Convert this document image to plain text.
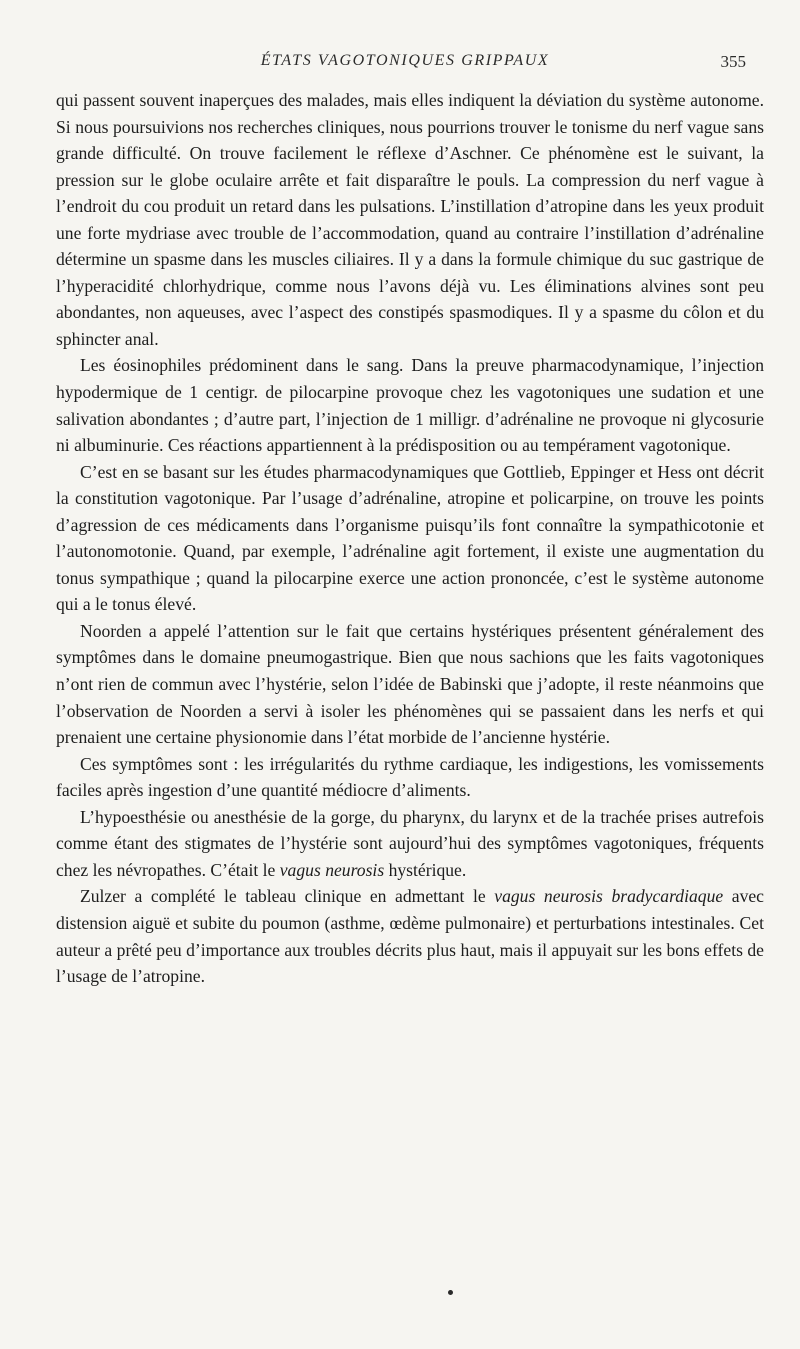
ÉTATS VAGOTONIQUES GRIPPAUX	355

qui passent souvent inaperçues des malades, mais elles indiquent la déviation du système autonome. Si nous poursuivions nos recherches cliniques, nous pourrions trouver le tonisme du nerf vague sans grande difficulté. On trouve facilement le réflexe d’Aschner. Ce phénomène est le suivant, la pression sur le globe oculaire arrête et fait disparaître le pouls. La compression du nerf vague à l’endroit du cou produit un retard dans les pulsations. L’instillation d’atropine dans les yeux produit une forte mydriase avec trouble de l’accommodation, quand au contraire l’instillation d’adrénaline détermine un spasme dans les muscles ciliaires. Il y a dans la formule chimique du suc gastrique de l’hyperacidité chlorhydrique, comme nous l’avons déjà vu. Les éliminations alvines sont peu abondantes, non aqueuses, avec l’aspect des constipés spasmodiques. Il y a spasme du côlon et du sphincter anal.

Les éosinophiles prédominent dans le sang. Dans la preuve pharmacodynamique, l’injection hypodermique de 1 centigr. de pilocarpine provoque chez les vagotoniques une sudation et une salivation abondantes ; d’autre part, l’injection de 1 milligr. d’adrénaline ne provoque ni glycosurie ni albuminurie. Ces réactions appartiennent à la prédisposition ou au tempérament vagotonique.

C’est en se basant sur les études pharmacodynamiques que Gottlieb, Eppinger et Hess ont décrit la constitution vagotonique. Par l’usage d’adrénaline, atropine et policarpine, on trouve les points d’agression de ces médicaments dans l’organisme puisqu’ils font connaître la sympathicotonie et l’autonomotonie. Quand, par exemple, l’adrénaline agit fortement, il existe une augmentation du tonus sympathique ; quand la pilocarpine exerce une action prononcée, c’est le système autonome qui a le tonus élevé.

Noorden a appelé l’attention sur le fait que certains hystériques présentent généralement des symptômes dans le domaine pneumogastrique. Bien que nous sachions que les faits vagotoniques n’ont rien de commun avec l’hystérie, selon l’idée de Babinski que j’adopte, il reste néanmoins que l’observation de Noorden a servi à isoler les phénomènes qui se passaient dans les nerfs et qui prenaient une certaine physionomie dans l’état morbide de l’ancienne hystérie.

Ces symptômes sont : les irrégularités du rythme cardiaque, les indigestions, les vomissements faciles après ingestion d’une quantité médiocre d’aliments.

L’hypoesthésie ou anesthésie de la gorge, du pharynx, du larynx et de la trachée prises autrefois comme étant des stigmates de l’hystérie sont aujourd’hui des symptômes vagotoniques, fréquents chez les névropathes. C’était le vagus neurosis hystérique.

Zulzer a complété le tableau clinique en admettant le vagus neurosis bradycardiaque avec distension aiguë et subite du poumon (asthme, œdème pulmonaire) et perturbations intestinales. Cet auteur a prêté peu d’importance aux troubles décrits plus haut, mais il appuyait sur les bons effets de l’usage de l’atropine.
